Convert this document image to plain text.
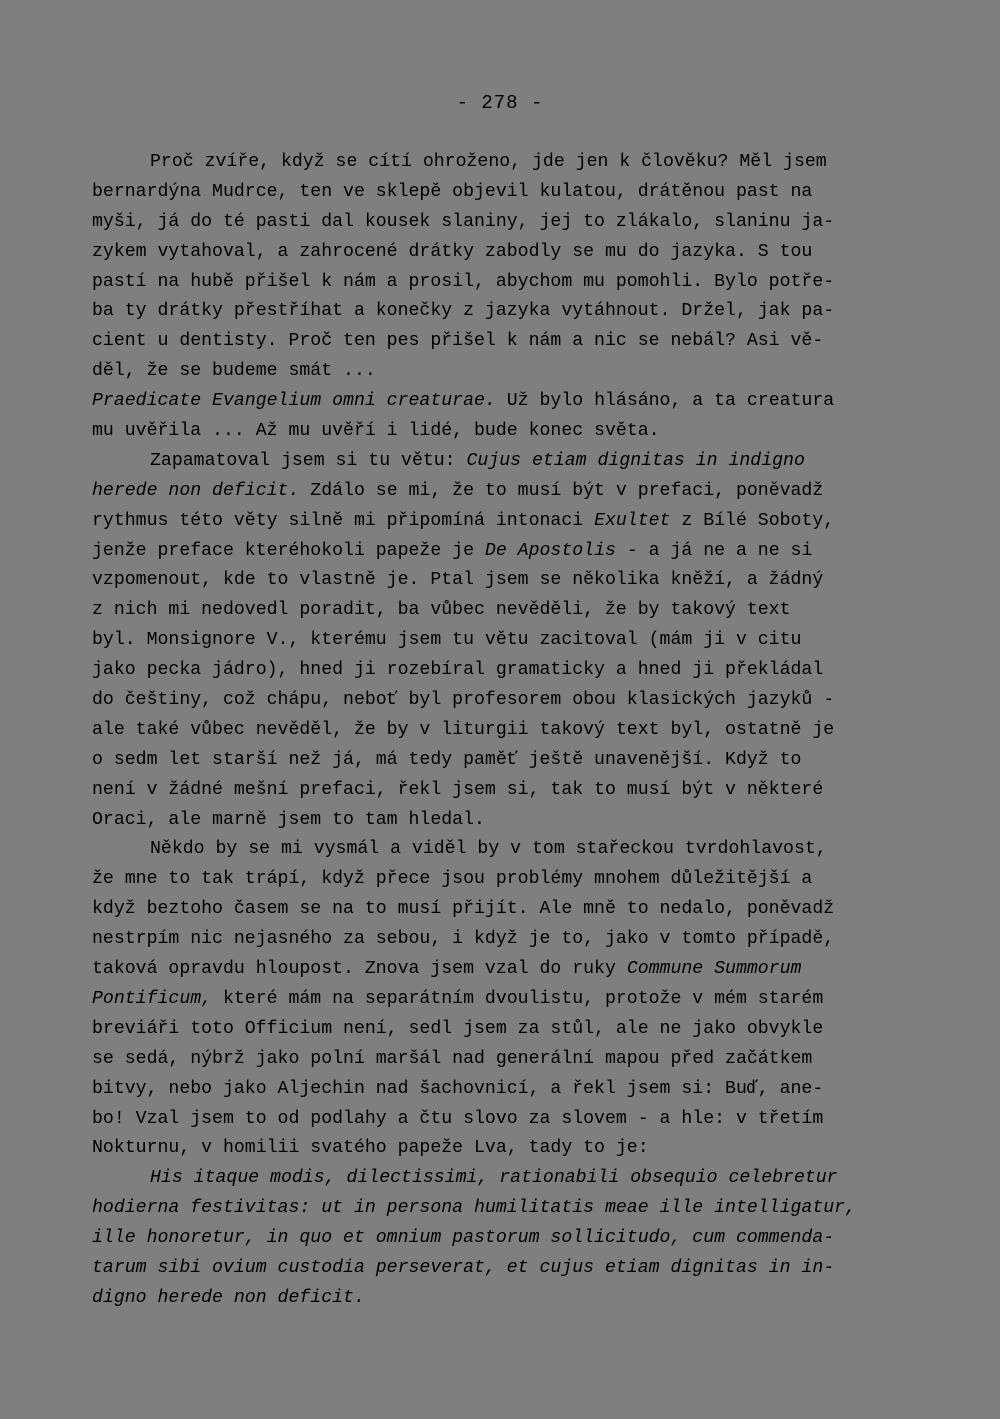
- 278 -
Proč zvíře, když se cítí ohroženo, jde jen k člověku? Měl jsem
bernardýna Mudrce, ten ve sklepě objevil kulatou, drátěnou past na
myši, já do té pasti dal kousek slaniny, jej to zlákalo, slaninu ja-
zykem vytahoval, a zahrocené drátky zabodly se mu do jazyka. S tou
pastí na hubě přišel k nám a prosil, abychom mu pomohli. Bylo potře-
ba ty drátky přestříhat a konečky z jazyka vytáhnout. Držel, jak pa-
cient u dentisty. Proč ten pes přišel k nám a nic se nebál? Asi vě-
děl, že se budeme smát ...
Praedicate Evangelium omni creaturae. Už bylo hlásáno, a ta creatura
mu uvěřila ... Až mu uvěří i lidé, bude konec světa.
Zapamatoval jsem si tu větu: Cujus etiam dignitas in indigno
herede non deficit. Zdálo se mi, že to musí být v prefaci, poněvadž
rythmus této věty silně mi připomíná intonaci Exultet z Bílé Soboty,
jenže preface kteréhokoli papeže je De Apostolis - a já ne a ne si
vzpomenout, kde to vlastně je. Ptal jsem se několika kněží, a žádný
z nich mi nedovedl poradit, ba vůbec nevěděli, že by takový text
byl. Monsignore V., kterému jsem tu větu zacitoval (mám ji v citu
jako pecka jádro), hned ji rozebíral gramaticky a hned ji překládal
do češtiny, což chápu, neboť byl profesorem obou klasických jazyků -
ale také vůbec nevěděl, že by v liturgii takový text byl, ostatně je
o sedm let starší než já, má tedy paměť ještě unavenější. Když to
není v žádné mešní prefaci, řekl jsem si, tak to musí být v některé
Oraci, ale marně jsem to tam hledal.
Někdo by se mi vysmál a viděl by v tom stařeckou tvrdohlavost,
že mne to tak trápí, když přece jsou problémy mnohem důležitější a
když beztoho časem se na to musí přijít. Ale mně to nedalo, poněvadž
nestrpím nic nejasného za sebou, i když je to, jako v tomto případě,
taková opravdu hloupost. Znova jsem vzal do ruky Commune Summorum
Pontificum, které mám na separátním dvoulistu, protože v mém starém
breviáři toto Officium není, sedl jsem za stůl, ale ne jako obvykle
se sedá, nýbrž jako polní maršál nad generální mapou před začátkem
bitvy, nebo jako Aljechin nad šachovnicí, a řekl jsem si: Buď, ane-
bo! Vzal jsem to od podlahy a čtu slovo za slovem - a hle: v třetím
Nokturnu, v homilii svatého papeže Lva, tady to je:
His itaque modis, dilectissimi, rationabili obsequio celebretur
hodierna festivitas: ut in persona humilitatis meae ille intelligatur,
ille honoretur, in quo et omnium pastorum sollicitudo, cum commenda-
tarum sibi ovium custodia perseverat, et cujus etiam dignitas in in-
digno herede non deficit.
